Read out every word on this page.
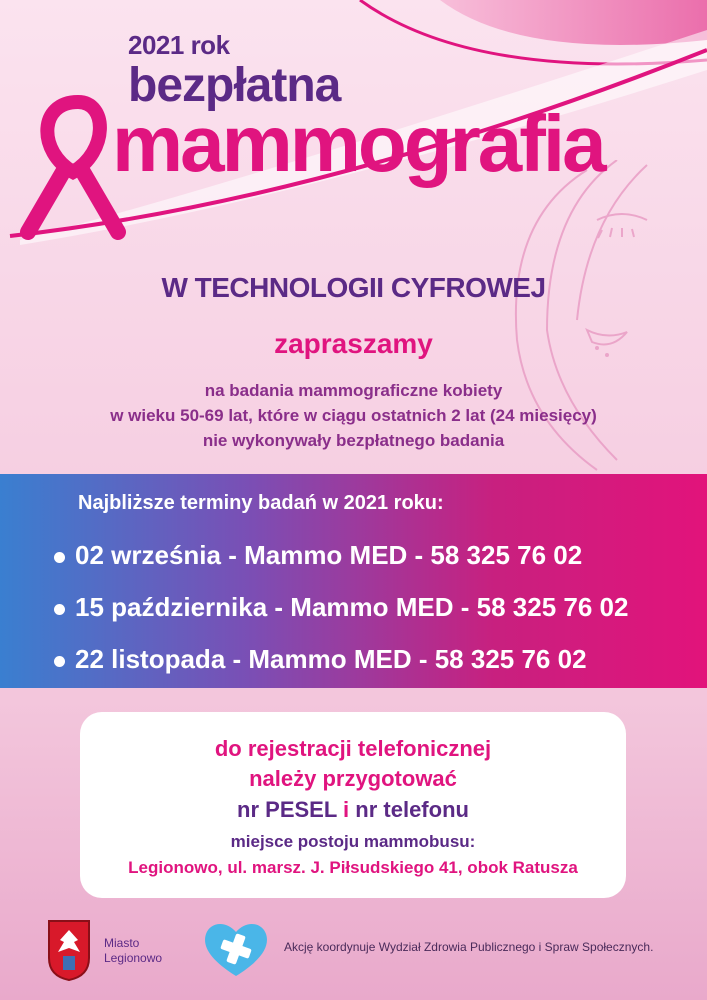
2021 rok
bezpłatna
mammografia
W TECHNOLOGII CYFROWEJ
zapraszamy
na badania mammograficzne kobiety
w wieku 50-69 lat, które w ciągu ostatnich 2 lat (24 miesięcy)
nie wykonywały bezpłatnego badania
Najbliższe terminy badań w 2021 roku:
02 września - Mammo MED - 58 325 76 02
15 października - Mammo MED - 58 325 76 02
22 listopada - Mammo MED - 58 325 76 02
do rejestracji telefonicznej
należy przygotować
nr PESEL i nr telefonu
miejsce postoju mammobusu:
Legionowo, ul. marsz. J. Piłsudskiego 41, obok Ratusza
Miasto
Legionowo
Akcję koordynuje Wydział Zdrowia Publicznego i Spraw Społecznych.
